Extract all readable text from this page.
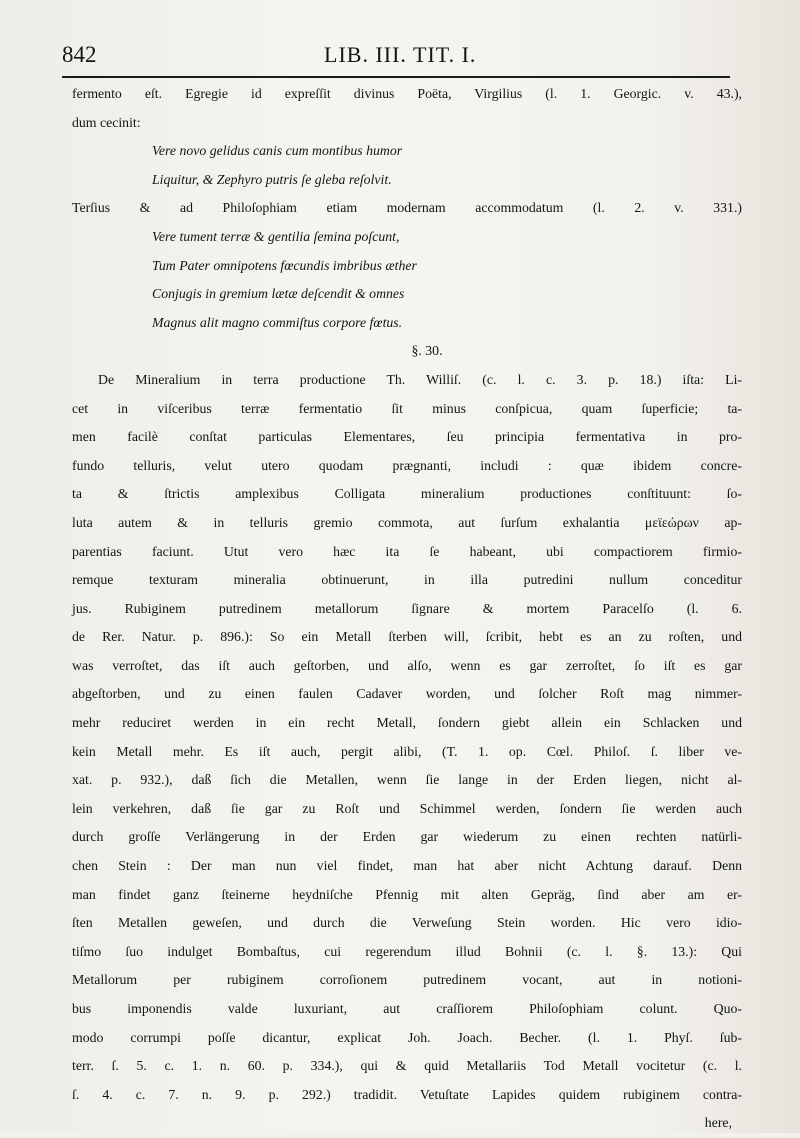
842	LIB. III. TIT. I.
fermento eſt. Egregie id expreſſit divinus Poëta, Virgilius (l. 1. Georgic. v. 43.),
dum cecinit:
Vere novo gelidus canis cum montibus humor
Liquitur, & Zephyro putris ſe gleba reſolvit.
Terſius & ad Philoſophiam etiam modernam accommodatum (l. 2. v. 331.)
Vere tument terræ & gentilia ſemina poſcunt,
Tum Pater omnipotens fœcundis imbribus æther
Conjugis in gremium lætæ deſcendit & omnes
Magnus alit magno commiſtus corpore fœtus.
§. 30.
De Mineralium in terra productione Th. Williſ. (c. l. c. 3. p. 18.) iſta: Li-
cet in viſceribus terræ fermentatio ſit minus conſpicua, quam ſuperficie; ta-
men facilè conſtat particulas Elementares, ſeu principia fermentativa in pro-
fundo telluris, velut utero quodam prægnanti, includi : quæ ibidem concre-
ta & ſtrictis amplexibus Colligata mineralium productiones conſtituunt: ſo-
luta autem & in telluris gremio commota, aut ſurſum exhalantia μεϊεώρων ap-
parentias faciunt. Utut vero hæc ita ſe habeant, ubi compactiorem firmio-
remque texturam mineralia obtinuerunt, in illa putredini nullum conceditur
jus. Rubiginem putredinem metallorum ſignare & mortem Paracelſo (l. 6.
de Rer. Natur. p. 896.): So ein Metall ſterben will, ſcribit, hebt es an zu roſten, und
was verroſtet, das iſt auch geſtorben, und alſo, wenn es gar zerroſtet, ſo iſt es gar
abgeſtorben, und zu einen faulen Cadaver worden, und ſolcher Roſt mag nimmer-
mehr reduciret werden in ein recht Metall, ſondern giebt allein ein Schlacken und
kein Metall mehr. Es iſt auch, pergit alibi, (T. 1. op. Cœl. Philoſ. ſ. liber ve-
xat. p. 932.), daß ſich die Metallen, wenn ſie lange in der Erden liegen, nicht al-
lein verkehren, daß ſie gar zu Roſt und Schimmel werden, ſondern ſie werden auch
durch groſſe Verlängerung in der Erden gar wiederum zu einen rechten natürli-
chen Stein : Der man nun viel findet, man hat aber nicht Achtung darauf. Denn
man findet ganz ſteinerne heydniſche Pfennig mit alten Gepräg, ſind aber am er-
ſten Metallen geweſen, und durch die Verweſung Stein worden. Hic vero idio-
tiſmo ſuo indulget Bombaſtus, cui regerendum illud Bohnii (c. l. §. 13.): Qui
Metallorum per rubiginem corroſionem putredinem vocant, aut in notioni-
bus imponendis valde luxuriant, aut craſſiorem Philoſophiam colunt. Quo-
modo corrumpi poſſe dicantur, explicat Joh. Joach. Becher. (l. 1. Phyſ. ſub-
terr. ſ. 5. c. 1. n. 60. p. 334.), qui & quid Metallariis Tod Metall vocitetur (c. l.
ſ. 4. c. 7. n. 9. p. 292.) tradidit. Vetuſtate Lapides quidem rubiginem contra-
here,
